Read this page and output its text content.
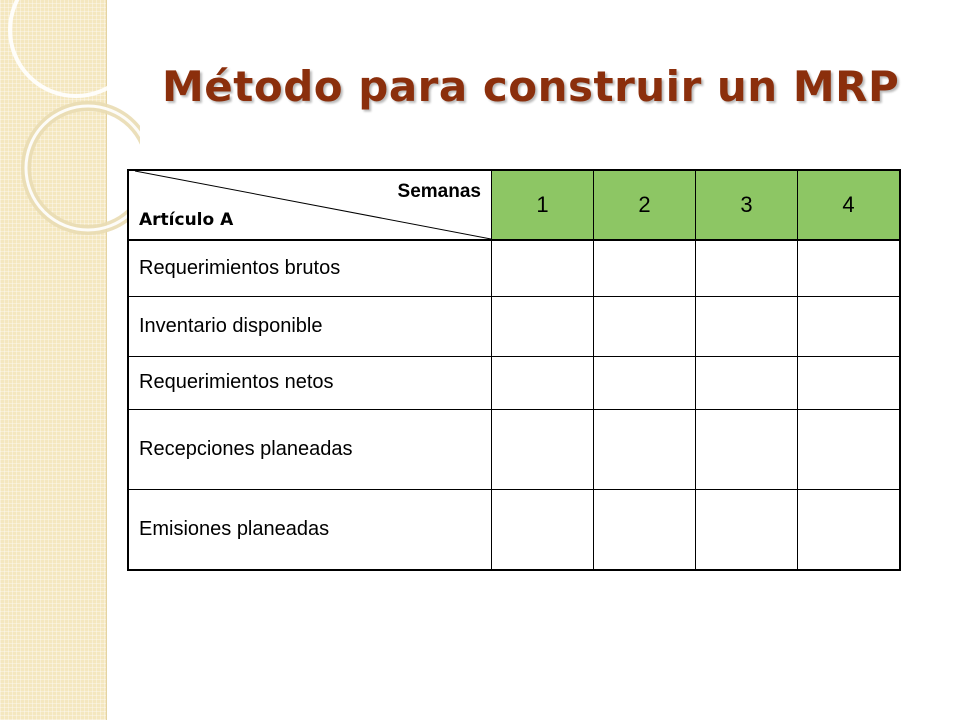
Método para construir un MRP
Semanas
Artículo A	1	2	3	4
Requerimientos brutos				
Inventario disponible				
Requerimientos netos				
Recepciones planeadas				
Emisiones planeadas				
